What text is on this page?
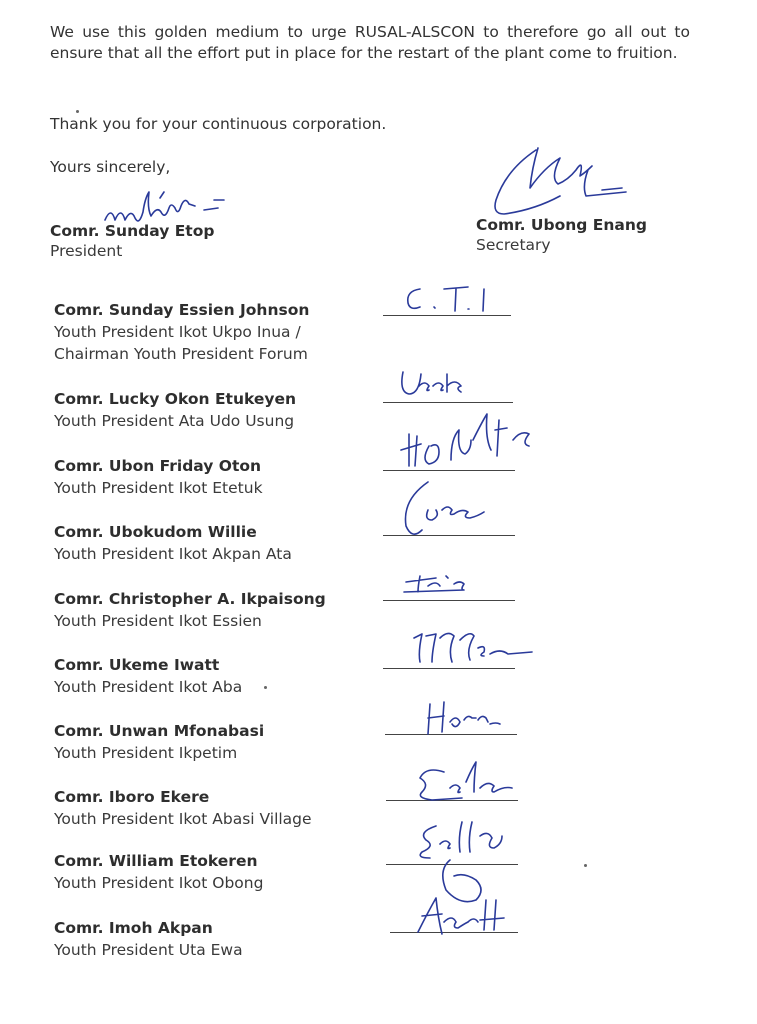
We use this golden medium to urge RUSAL-ALSCON to therefore go all out to ensure that all the effort put in place for the restart of the plant come to fruition.

Thank you for your continuous corporation.

Yours sincerely,
Comr. Sunday Etop
President
Comr. Ubong Enang
Secretary
Comr. Sunday Essien Johnson
Youth President Ikot Ukpo Inua /
Chairman Youth President Forum
Comr. Lucky Okon Etukeyen
Youth President Ata Udo Usung
Comr. Ubon Friday Oton
Youth President Ikot Etetuk
Comr. Ubokudom Willie
Youth President Ikot Akpan Ata
Comr. Christopher A. Ikpaisong
Youth President Ikot Essien
Comr. Ukeme Iwatt
Youth President Ikot Aba
Comr. Unwan Mfonabasi
Youth President Ikpetim
Comr. Iboro Ekere
Youth President Ikot Abasi Village
Comr. William Etokeren
Youth President Ikot Obong
Comr. Imoh Akpan
Youth President Uta Ewa
